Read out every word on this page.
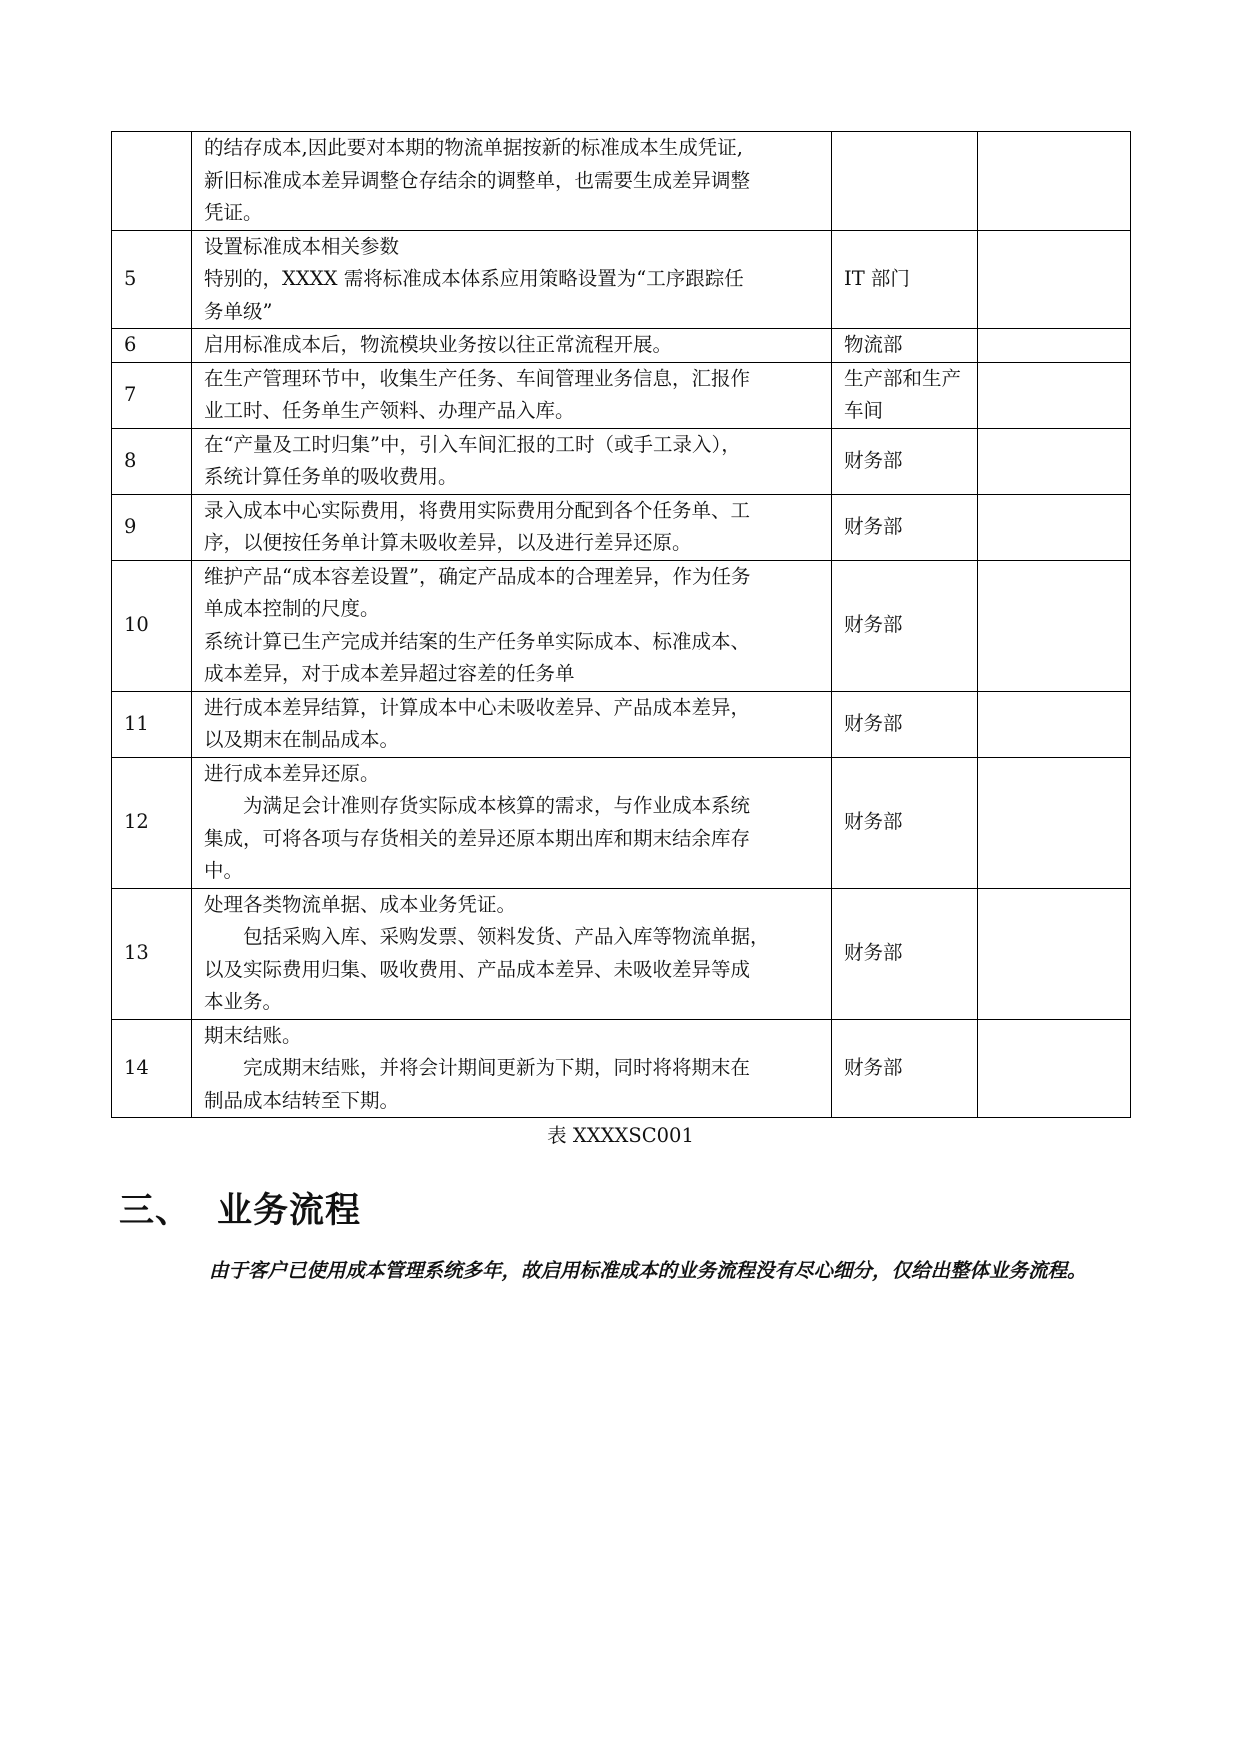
	的结存成本,因此要对本期的物流单据按新的标准成本生成凭证,
新旧标准成本差异调整仓存结余的调整单，也需要生成差异调整
凭证。		

5	设置标准成本相关参数
特别的，XXXX 需将标准成本体系应用策略设置为“工序跟踪任
务单级”	IT 部门	
6	启用标准成本后，物流模块业务按以往正常流程开展。	物流部	
7	在生产管理环节中，收集生产任务、车间管理业务信息，汇报作
业工时、任务单生产领料、办理产品入库。	生产部和生产车间	
8	在“产量及工时归集”中，引入车间汇报的工时（或手工录入），
系统计算任务单的吸收费用。	财务部	
9	录入成本中心实际费用，将费用实际费用分配到各个任务单、工
序，以便按任务单计算未吸收差异，以及进行差异还原。	财务部	
10	维护产品“成本容差设置”，确定产品成本的合理差异，作为任务
单成本控制的尺度。
系统计算已生产完成并结案的生产任务单实际成本、标准成本、
成本差异，对于成本差异超过容差的任务单	财务部	
11	进行成本差异结算，计算成本中心未吸收差异、产品成本差异，
以及期末在制品成本。	财务部	
12	进行成本差异还原。
为满足会计准则存货实际成本核算的需求，与作业成本系统
集成，可将各项与存货相关的差异还原本期出库和期末结余库存
中。	财务部	
13	处理各类物流单据、成本业务凭证。
包括采购入库、采购发票、领料发货、产品入库等物流单据，
以及实际费用归集、吸收费用、产品成本差异、未吸收差异等成
本业务。	财务部	
14	期末结账。
完成期末结账，并将会计期间更新为下期，同时将将期末在
制品成本结转至下期。	财务部	
表 XXXXSC001
三、 业务流程

由于客户已使用成本管理系统多年，故启用标准成本的业务流程没有尽心细分，仅给出整体业务流程。
